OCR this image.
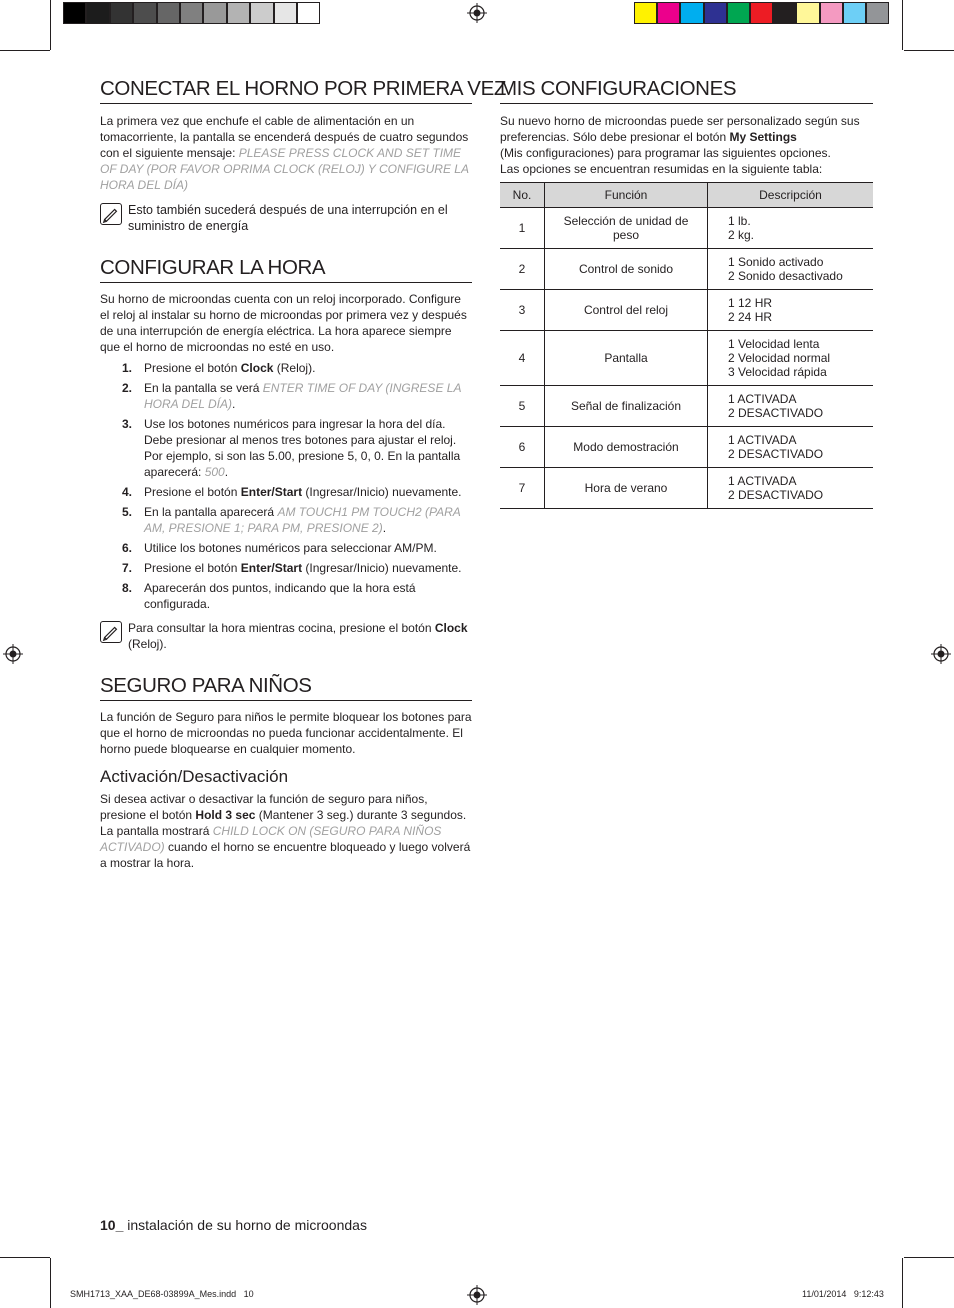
CONECTAR EL HORNO POR PRIMERA VEZ
La primera vez que enchufe el cable de alimentación en un tomacorriente, la pantalla se encenderá después de cuatro segundos con el siguiente mensaje: PLEASE PRESS CLOCK AND SET TIME OF DAY (POR FAVOR OPRIMA CLOCK (RELOJ) Y CONFIGURE LA HORA DEL DÍA)
Esto también sucederá después de una interrupción en el suministro de energía
CONFIGURAR LA HORA
Su horno de microondas cuenta con un reloj incorporado. Configure el reloj al instalar su horno de microondas por primera vez y después de una interrupción de energía eléctrica. La hora aparece siempre que el horno de microondas no esté en uso.
1. Presione el botón Clock (Reloj).
2. En la pantalla se verá ENTER TIME OF DAY (INGRESE LA HORA DEL DÍA).
3. Use los botones numéricos para ingresar la hora del día. Debe presionar al menos tres botones para ajustar el reloj. Por ejemplo, si son las 5.00, presione 5, 0, 0. En la pantalla aparecerá: 500.
4. Presione el botón Enter/Start (Ingresar/Inicio) nuevamente.
5. En la pantalla aparecerá AM TOUCH1 PM TOUCH2 (PARA AM, PRESIONE 1; PARA PM, PRESIONE 2).
6. Utilice los botones numéricos para seleccionar AM/PM.
7. Presione el botón Enter/Start (Ingresar/Inicio) nuevamente.
8. Aparecerán dos puntos, indicando que la hora está configurada.
Para consultar la hora mientras cocina, presione el botón Clock (Reloj).
SEGURO PARA NIÑOS
La función de Seguro para niños le permite bloquear los botones para que el horno de microondas no pueda funcionar accidentalmente. El horno puede bloquearse en cualquier momento.
Activación/Desactivación
Si desea activar o desactivar la función de seguro para niños, presione el botón Hold 3 sec (Mantener 3 seg.) durante 3 segundos.
La pantalla mostrará CHILD LOCK ON (SEGURO PARA NIÑOS ACTIVADO) cuando el horno se encuentre bloqueado y luego volverá a mostrar la hora.
MIS CONFIGURACIONES
Su nuevo horno de microondas puede ser personalizado según sus preferencias. Sólo debe presionar el botón My Settings
(Mis configuraciones) para programar las siguientes opciones.
Las opciones se encuentran resumidas en la siguiente tabla:
No.	Función	Descripción
1	Selección de unidad de peso	1 lb.
2 kg.

2	Control de sonido	1 Sonido activado
2 Sonido desactivado

3	Control del reloj	1 12 HR
2 24 HR

4	Pantalla	1 Velocidad lenta
2 Velocidad normal
3 Velocidad rápida

5	Señal de finalización	1 ACTIVADA
2 DESACTIVADO

6	Modo demostración	1 ACTIVADA
2 DESACTIVADO

7	Hora de verano	1 ACTIVADA
2 DESACTIVADO
10_ instalación de su horno de microondas
SMH1713_XAA_DE68-03899A_Mes.indd   10	11/01/2014   9:12:43
